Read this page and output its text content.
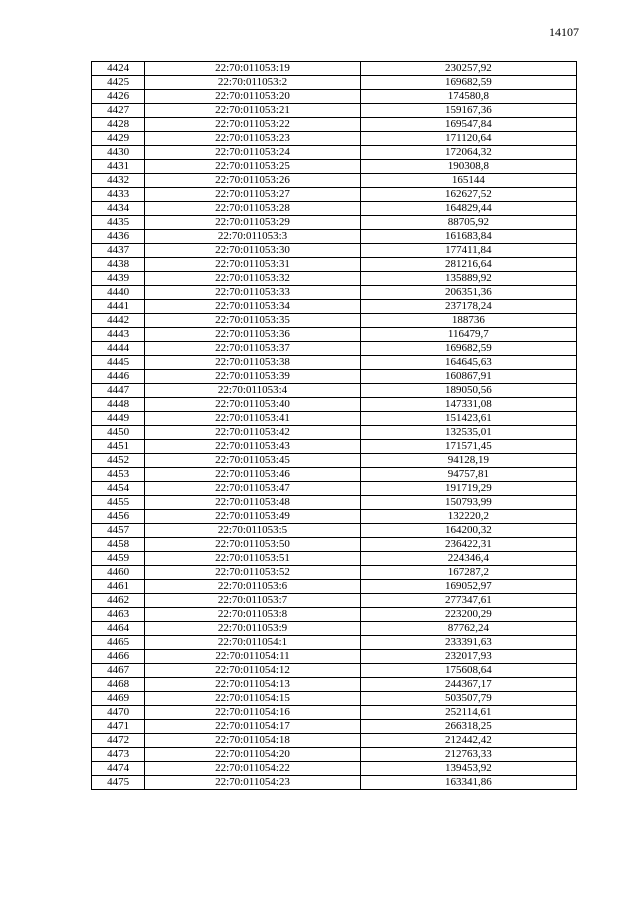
14107
4424	22:70:011053:19	230257,92
4425	22:70:011053:2	169682,59
4426	22:70:011053:20	174580,8
4427	22:70:011053:21	159167,36
4428	22:70:011053:22	169547,84
4429	22:70:011053:23	171120,64
4430	22:70:011053:24	172064,32
4431	22:70:011053:25	190308,8
4432	22:70:011053:26	165144
4433	22:70:011053:27	162627,52
4434	22:70:011053:28	164829,44
4435	22:70:011053:29	88705,92
4436	22:70:011053:3	161683,84
4437	22:70:011053:30	177411,84
4438	22:70:011053:31	281216,64
4439	22:70:011053:32	135889,92
4440	22:70:011053:33	206351,36
4441	22:70:011053:34	237178,24
4442	22:70:011053:35	188736
4443	22:70:011053:36	116479,7
4444	22:70:011053:37	169682,59
4445	22:70:011053:38	164645,63
4446	22:70:011053:39	160867,91
4447	22:70:011053:4	189050,56
4448	22:70:011053:40	147331,08
4449	22:70:011053:41	151423,61
4450	22:70:011053:42	132535,01
4451	22:70:011053:43	171571,45
4452	22:70:011053:45	94128,19
4453	22:70:011053:46	94757,81
4454	22:70:011053:47	191719,29
4455	22:70:011053:48	150793,99
4456	22:70:011053:49	132220,2
4457	22:70:011053:5	164200,32
4458	22:70:011053:50	236422,31
4459	22:70:011053:51	224346,4
4460	22:70:011053:52	167287,2
4461	22:70:011053:6	169052,97
4462	22:70:011053:7	277347,61
4463	22:70:011053:8	223200,29
4464	22:70:011053:9	87762,24
4465	22:70:011054:1	233391,63
4466	22:70:011054:11	232017,93
4467	22:70:011054:12	175608,64
4468	22:70:011054:13	244367,17
4469	22:70:011054:15	503507,79
4470	22:70:011054:16	252114,61
4471	22:70:011054:17	266318,25
4472	22:70:011054:18	212442,42
4473	22:70:011054:20	212763,33
4474	22:70:011054:22	139453,92
4475	22:70:011054:23	163341,86
